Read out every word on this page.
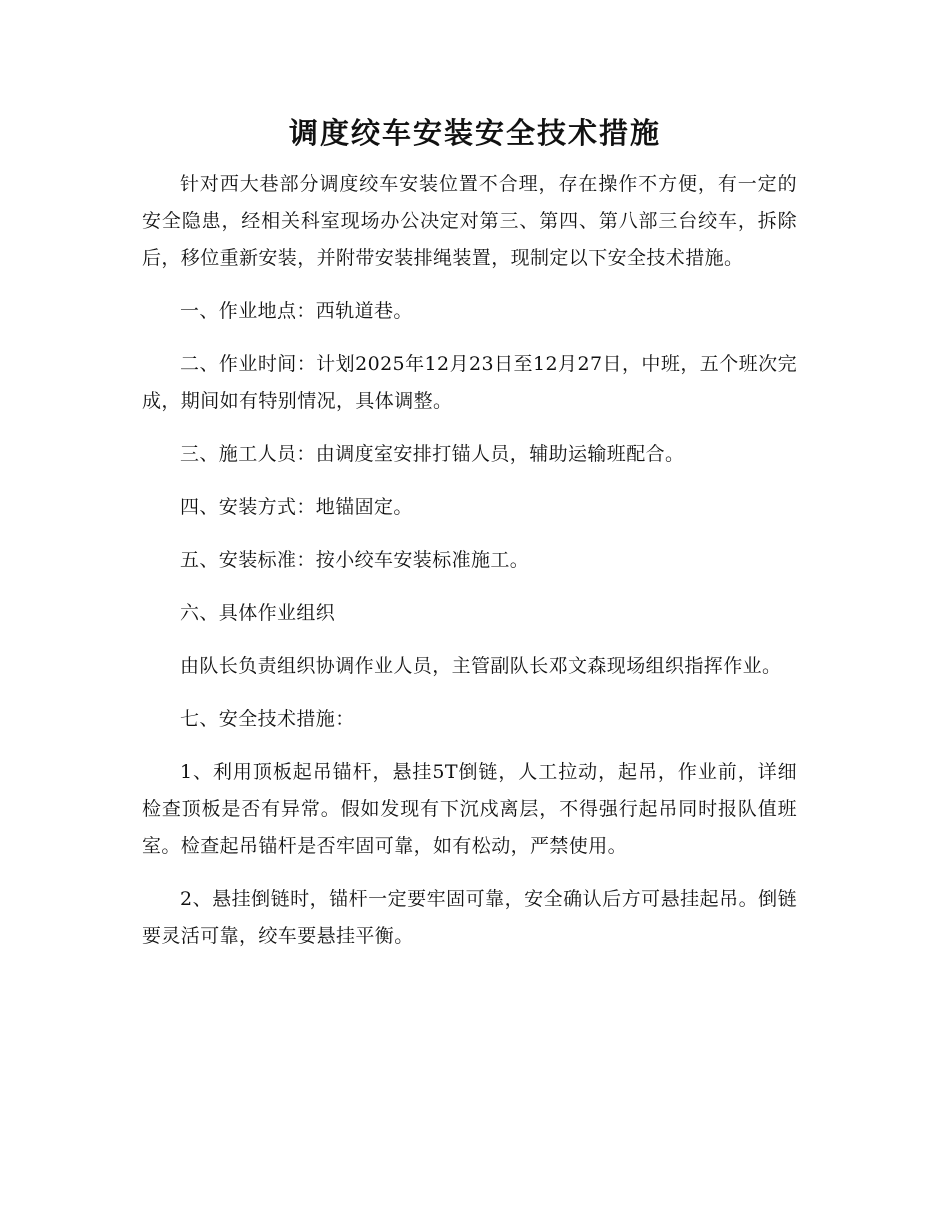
调度绞车安装安全技术措施

针对西大巷部分调度绞车安装位置不合理，存在操作不方便，有一定的安全隐患，经相关科室现场办公决定对第三、第四、第八部三台绞车，拆除后，移位重新安装，并附带安装排绳装置，现制定以下安全技术措施。

一、作业地点：西轨道巷。

二、作业时间：计划2025年12月23日至12月27日，中班，五个班次完成，期间如有特别情况，具体调整。

三、施工人员：由调度室安排打锚人员，辅助运输班配合。

四、安装方式：地锚固定。

五、安装标准：按小绞车安装标准施工。

六、具体作业组织

由队长负责组织协调作业人员，主管副队长邓文森现场组织指挥作业。

七、安全技术措施：

1、利用顶板起吊锚杆，悬挂5T倒链，人工拉动，起吊，作业前，详细检查顶板是否有异常。假如发现有下沉戍离层，不得强行起吊同时报队值班室。检查起吊锚杆是否牢固可靠，如有松动，严禁使用。

2、悬挂倒链时，锚杆一定要牢固可靠，安全确认后方可悬挂起吊。倒链要灵活可靠，绞车要悬挂平衡。
